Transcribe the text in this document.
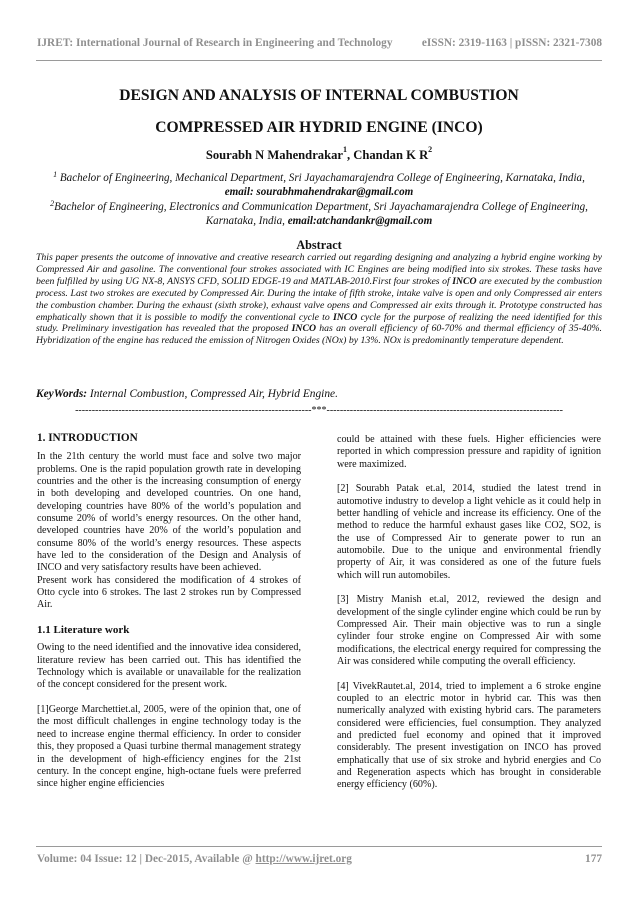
IJRET: International Journal of Research in Engineering and Technology	eISSN: 2319-1163 | pISSN: 2321-7308
DESIGN AND ANALYSIS OF INTERNAL COMBUSTION
COMPRESSED AIR HYDRID ENGINE (INCO)
Sourabh N Mahendrakar$^1$, Chandan K $R^2$
$^1$ Bachelor of Engineering, Mechanical Department, Sri Jayachamarajendra College of Engineering, Karnataka, India, email: sourabhmahendrakar@gmail.com
$^2$Bachelor of Engineering, Electronics and Communication Department, Sri Jayachamarajendra College of Engineering, Karnataka, India, email:atchandankr@gmail.com
Abstract
This paper presents the outcome of innovative and creative research carried out regarding designing and analyzing a hybrid engine working by Compressed Air and gasoline. The conventional four strokes associated with IC Engines are being modified into six strokes. These tasks have been fulfilled by using UG NX-8, ANSYS CFD, SOLID EDGE-19 and MATLAB-2010.First four strokes of INCO are executed by the combustion process. Last two strokes are executed by Compressed Air. During the intake of fifth stroke, intake valve is open and only Compressed air enters the combustion chamber. During the exhaust (sixth stroke), exhaust valve opens and Compressed air exits through it. Prototype constructed has emphatically shown that it is possible to modify the conventional cycle to INCO cycle for the purpose of realizing the need identified for this study. Preliminary investigation has revealed that the proposed INCO has an overall efficiency of 60-70% and thermal efficiency of 35-40%. Hybridization of the engine has reduced the emission of Nitrogen Oxides (NOx) by 13%. NOx is predominantly temperature dependent.
KeyWords: Internal Combustion, Compressed Air, Hybrid Engine.
-----------------------------------------------------------------------***-----------------------------------------------------------------------
1. INTRODUCTION

In the 21th century the world must face and solve two major problems. One is the rapid population growth rate in developing countries and the other is the increasing consumption of energy in both developing and developed countries. On one hand, developing countries have 80% of the world’s population and consume 20% of world’s energy resources. On the other hand, developed countries have 20% of the world’s population and consume 80% of the world’s energy resources. These aspects have led to the consideration of the Design and Analysis of INCO and very satisfactory results have been achieved.

Present work has considered the modification of 4 strokes of Otto cycle into 6 strokes. The last 2 strokes run by Compressed Air.

1.1 Literature work

Owing to the need identified and the innovative idea considered, literature review has been carried out. This has identified the Technology which is available or unavailable for the realization of the concept considered for the present work.

[1]George Marchettiet.al, 2005, were of the opinion that, one of the most difficult challenges in engine technology today is the need to increase engine thermal efficiency. In order to consider this, they proposed a Quasi turbine thermal management strategy in the development of high-efficiency engines for the 21st century. In the concept engine, high-octane fuels were preferred since higher engine efficiencies

could be attained with these fuels. Higher efficiencies were reported in which compression pressure and rapidity of ignition were maximized.

[2] Sourabh Patak et.al, 2014, studied the latest trend in automotive industry to develop a light vehicle as it could help in better handling of vehicle and increase its efficiency. One of the method to reduce the harmful exhaust gases like CO2, SO2, is the use of Compressed Air to generate power to run an automobile. Due to the unique and environmental friendly property of Air, it was considered as one of the future fuels which will run automobiles.

[3] Mistry Manish et.al, 2012, reviewed the design and development of the single cylinder engine which could be run by Compressed Air. Their main objective was to run a single cylinder four stroke engine on Compressed Air with some modifications, the electrical energy required for compressing the Air was considered while computing the overall efficiency.

[4] VivekRautet.al, 2014, tried to implement a 6 stroke engine coupled to an electric motor in hybrid car. This was then numerically analyzed with existing hybrid cars. The parameters considered were efficiencies, fuel consumption. They analyzed and predicted fuel economy and opined that it improved considerably. The present investigation on INCO has proved emphatically that use of six stroke and hybrid energies and Co and Regeneration aspects which has brought in considerable energy efficiency (60%).

Volume: 04 Issue: 12 | Dec-2015, Available @ http://www.ijret.org	177
